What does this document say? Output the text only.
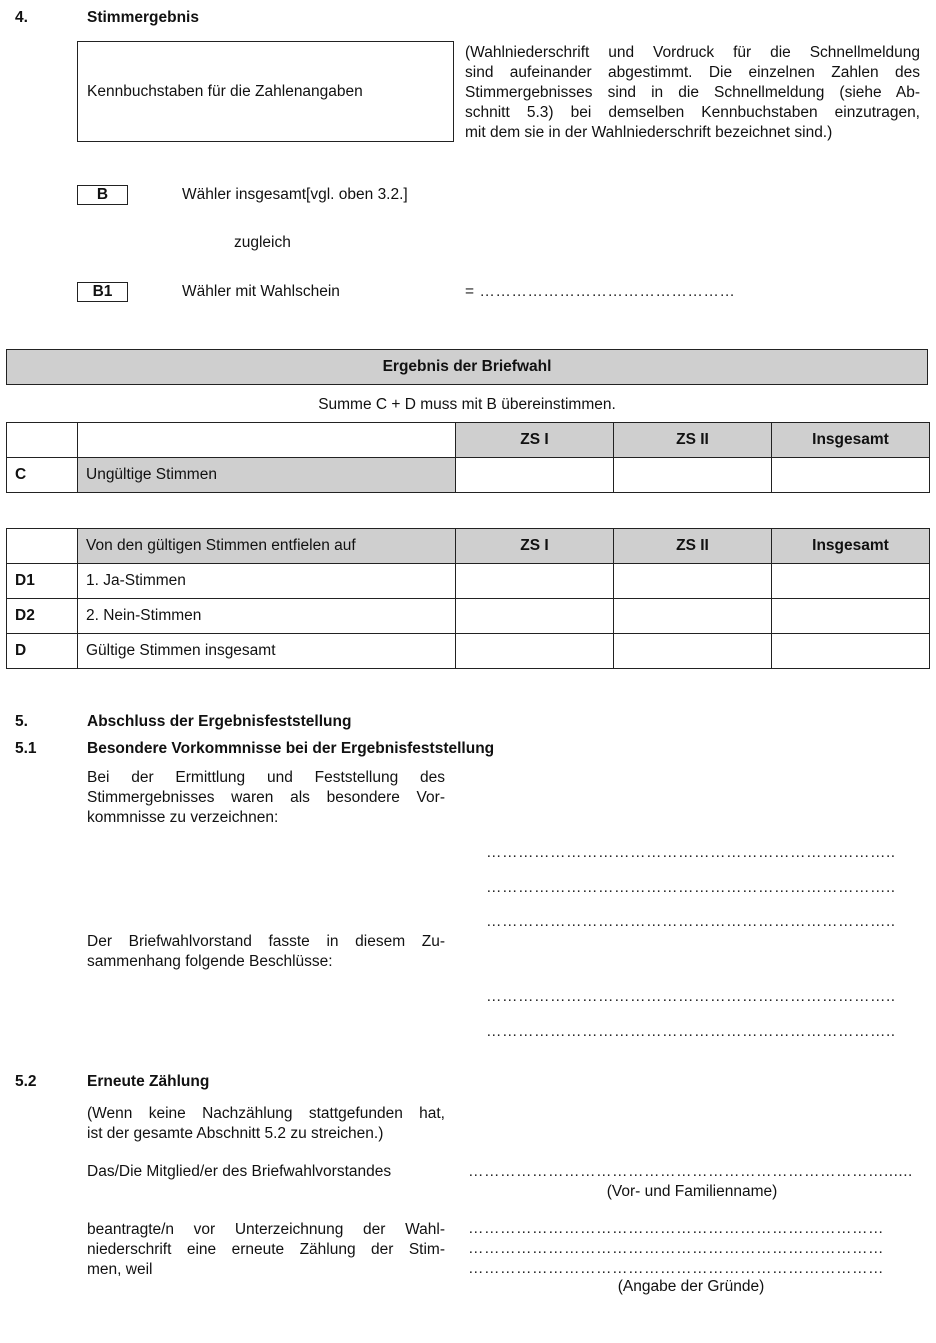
4.	Stimmergebnis
Kennbuchstaben für die Zahlenangaben
(Wahlniederschrift und Vordruck für die Schnellmeldung
sind aufeinander abgestimmt. Die einzelnen Zahlen des
Stimmergebnisses sind in die Schnellmeldung (siehe Ab-
schnitt 5.3) bei demselben Kennbuchstaben einzutragen,
mit dem sie in der Wahlniederschrift bezeichnet sind.)
B	Wähler insgesamt[vgl. oben 3.2.]
zugleich
B1	Wähler mit Wahlschein	= …………………………………………
Ergebnis der Briefwahl
Summe C + D muss mit B übereinstimmen.
		ZS I	ZS II	Insgesamt
C	Ungültige Stimmen			
	Von den gültigen Stimmen entfielen auf	ZS I	ZS II	Insgesamt
D1	1. Ja-Stimmen			
D2	2. Nein-Stimmen			
D	Gültige Stimmen insgesamt			
5.	Abschluss der Ergebnisfeststellung
5.1	Besondere Vorkommnisse bei der Ergebnisfeststellung
Bei der Ermittlung und Feststellung des
Stimmergebnisses waren als besondere Vor-
kommnisse zu verzeichnen:
…………………………………………………………………..
…………………………………………………………………..
…………………………………………………………………..
Der Briefwahlvorstand fasste in diesem Zu-
sammenhang folgende Beschlüsse:
…………………………………………………………………..
…………………………………………………………………..
5.2	Erneute Zählung
(Wenn keine Nachzählung stattgefunden hat,
ist der gesamte Abschnitt 5.2 zu streichen.)
Das/Die Mitglied/er des Briefwahlvorstandes	……………………………………………………………………......
(Vor- und Familienname)
beantragte/n vor Unterzeichnung der Wahl-
niederschrift eine erneute Zählung der Stim-
men, weil
……………………………………………………………………
……………………………………………………………………
……………………………………………………………………
(Angabe der Gründe)
